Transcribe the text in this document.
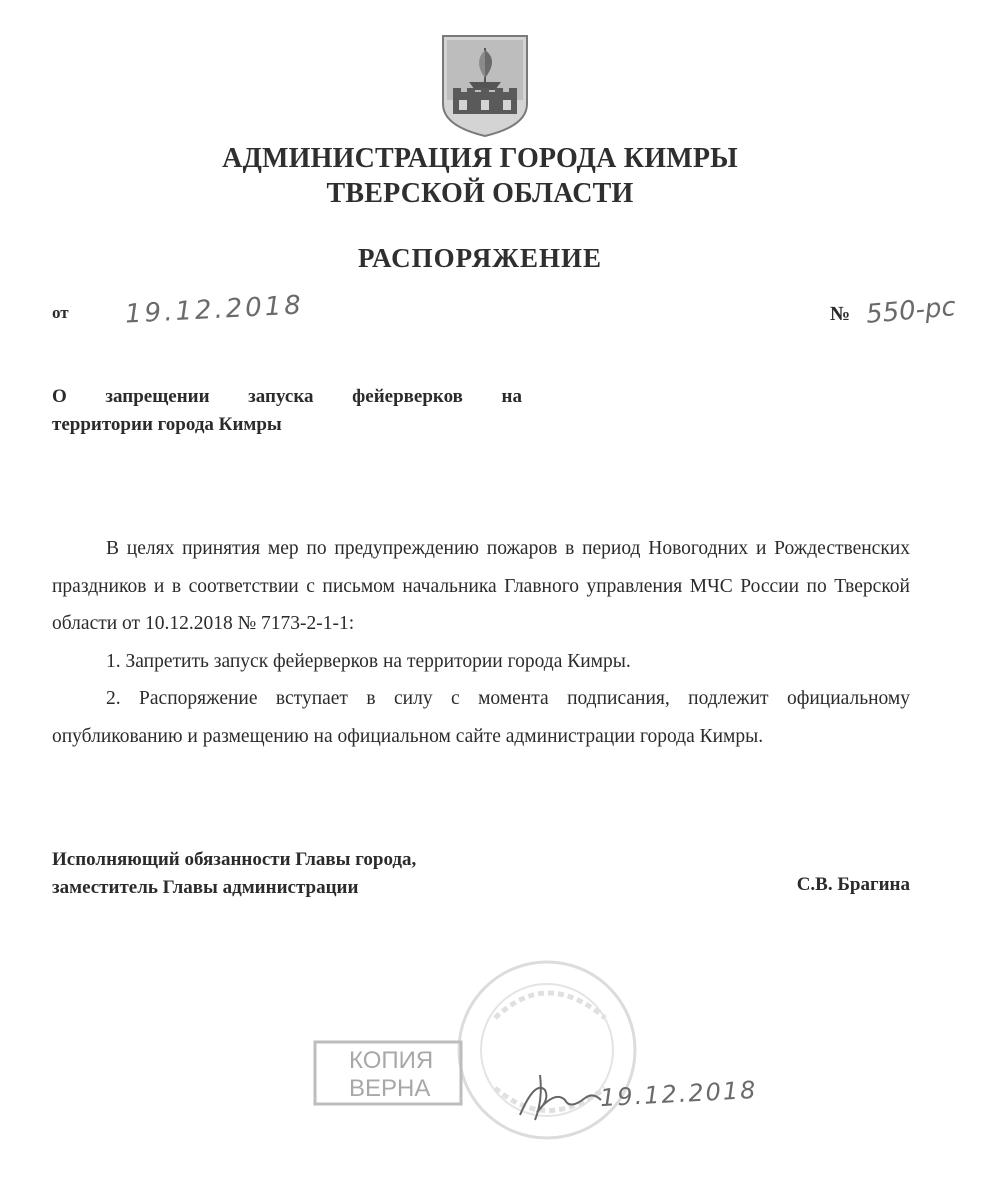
АДМИНИСТРАЦИЯ ГОРОДА КИМРЫ
ТВЕРСКОЙ ОБЛАСТИ
РАСПОРЯЖЕНИЕ
от 19.12.2018	№ 550-рс
О запрещении запуска фейерверков на
территории города Кимры

В целях принятия мер по предупреждению пожаров в период Новогодних и Рождественских праздников и в соответствии с письмом начальника Главного управления МЧС России по Тверской области от 10.12.2018 № 7173-2-1-1:

1. Запретить запуск фейерверков на территории города Кимры.

2. Распоряжение вступает в силу с момента подписания, подлежит официальному опубликованию и размещению на официальном сайте администрации города Кимры.

Исполняющий обязанности Главы города,
заместитель Главы администрации	С.В. Брагина
КОПИЯ
ВЕРНА	19.12.2018
